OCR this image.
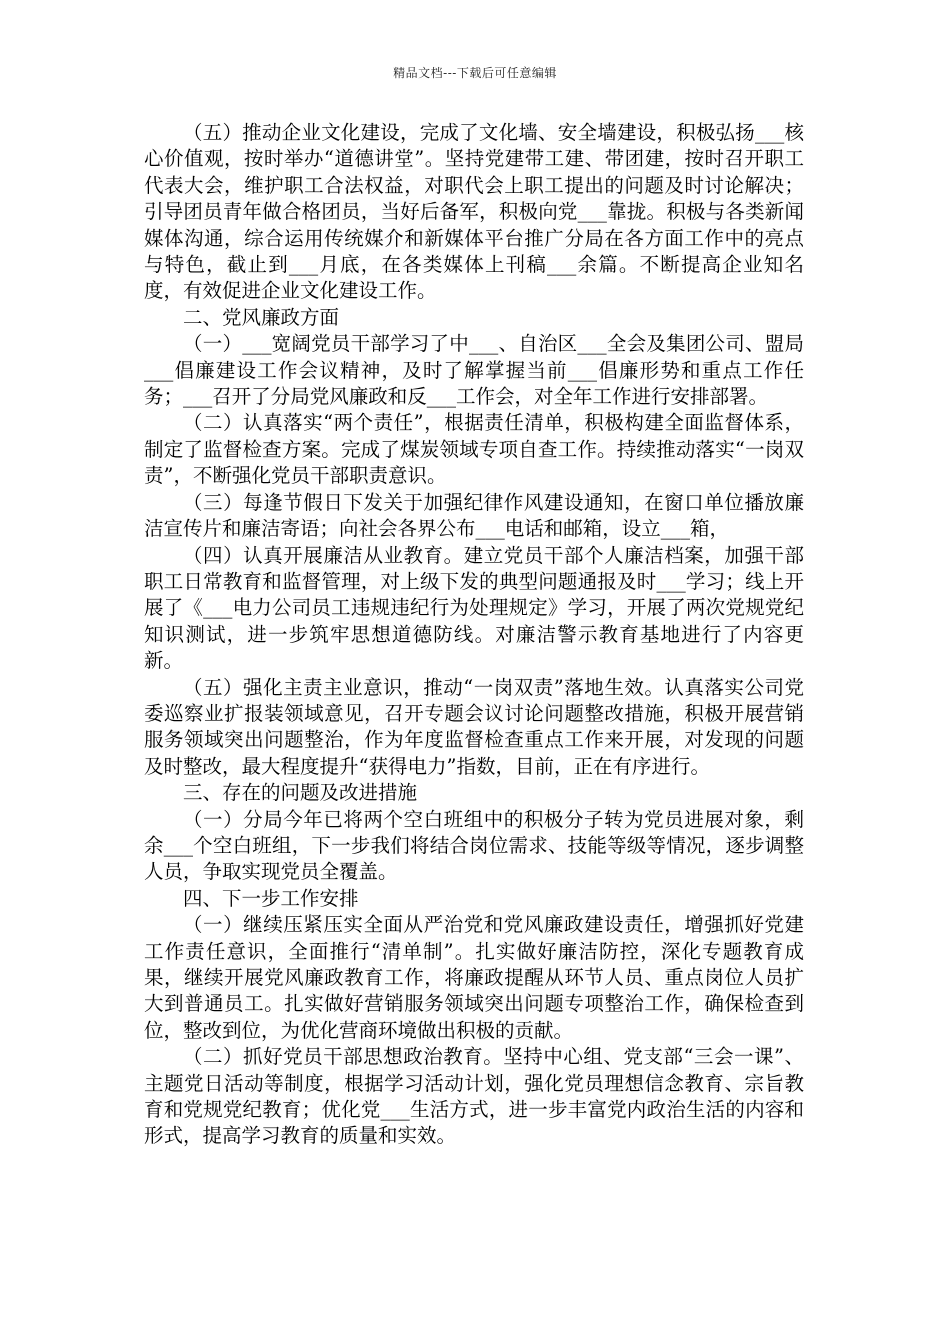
精品文档---下载后可任意编辑

（五）推动企业文化建设，完成了文化墙、安全墙建设，积极弘扬___核心价值观，按时举办“道德讲堂”。坚持党建带工建、带团建，按时召开职工代表大会，维护职工合法权益，对职代会上职工提出的问题及时讨论解决；引导团员青年做合格团员，当好后备军，积极向党___靠拢。积极与各类新闻媒体沟通，综合运用传统媒介和新媒体平台推广分局在各方面工作中的亮点与特色，截止到___月底，在各类媒体上刊稿___余篇。不断提高企业知名度，有效促进企业文化建设工作。

二、党风廉政方面

（一）___宽阔党员干部学习了中___、自治区___全会及集团公司、盟局___倡廉建设工作会议精神，及时了解掌握当前___倡廉形势和重点工作任务；___召开了分局党风廉政和反___工作会，对全年工作进行安排部署。

（二）认真落实“两个责任”，根据责任清单，积极构建全面监督体系，制定了监督检查方案。完成了煤炭领域专项自查工作。持续推动落实“一岗双责”，不断强化党员干部职责意识。

（三）每逢节假日下发关于加强纪律作风建设通知，在窗口单位播放廉洁宣传片和廉洁寄语；向社会各界公布___电话和邮箱，设立___箱，

（四）认真开展廉洁从业教育。建立党员干部个人廉洁档案，加强干部职工日常教育和监督管理，对上级下发的典型问题通报及时___学习；线上开展了《___电力公司员工违规违纪行为处理规定》学习，开展了两次党规党纪知识测试，进一步筑牢思想道德防线。对廉洁警示教育基地进行了内容更新。

（五）强化主责主业意识，推动“一岗双责”落地生效。认真落实公司党委巡察业扩报装领域意见，召开专题会议讨论问题整改措施，积极开展营销服务领域突出问题整治，作为年度监督检查重点工作来开展，对发现的问题及时整改，最大程度提升“获得电力”指数，目前，正在有序进行。

三、存在的问题及改进措施

（一）分局今年已将两个空白班组中的积极分子转为党员进展对象，剩余___个空白班组，下一步我们将结合岗位需求、技能等级等情况，逐步调整人员，争取实现党员全覆盖。

四、下一步工作安排

（一）继续压紧压实全面从严治党和党风廉政建设责任，增强抓好党建工作责任意识，全面推行“清单制”。扎实做好廉洁防控，深化专题教育成果，继续开展党风廉政教育工作，将廉政提醒从环节人员、重点岗位人员扩大到普通员工。扎实做好营销服务领域突出问题专项整治工作，确保检查到位，整改到位，为优化营商环境做出积极的贡献。

（二）抓好党员干部思想政治教育。坚持中心组、党支部“三会一课”、主题党日活动等制度，根据学习活动计划，强化党员理想信念教育、宗旨教育和党规党纪教育；优化党___生活方式，进一步丰富党内政治生活的内容和形式，提高学习教育的质量和实效。
